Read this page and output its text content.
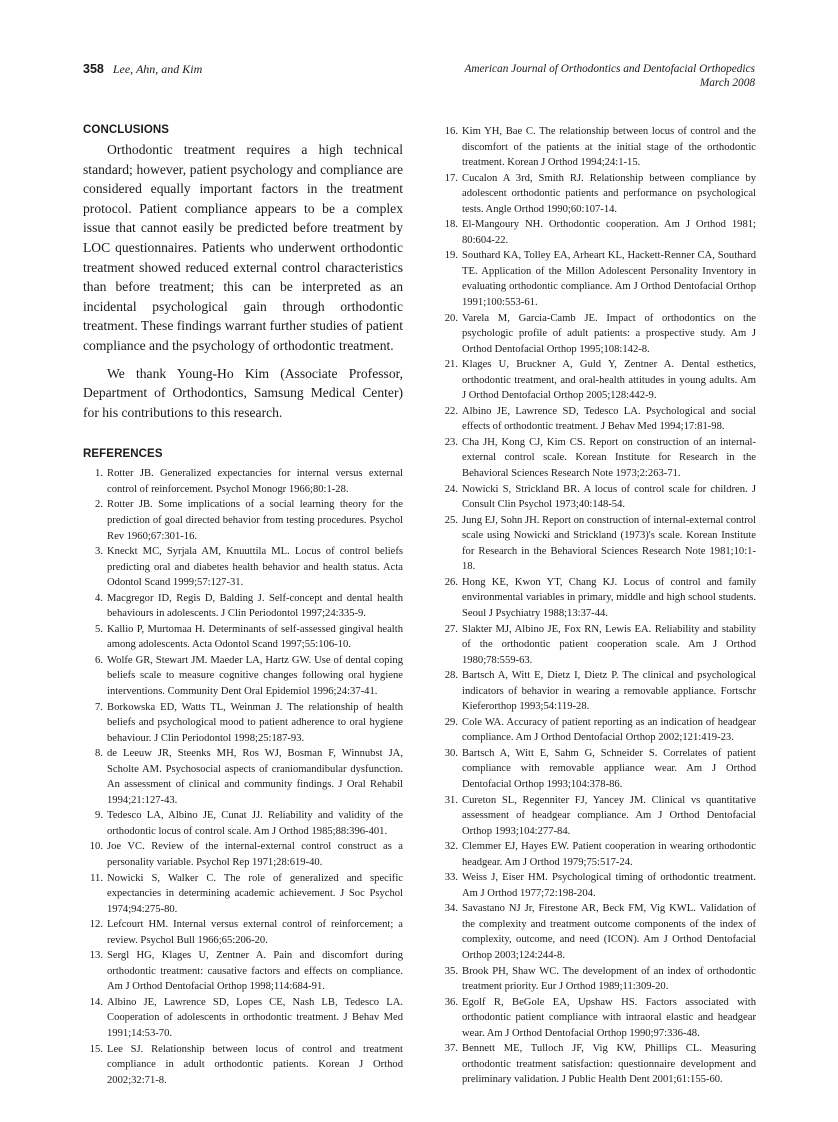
358 Lee, Ahn, and Kim	American Journal of Orthodontics and Dentofacial Orthopedics
March 2008
CONCLUSIONS

Orthodontic treatment requires a high technical standard; however, patient psychology and compliance are considered equally important factors in the treatment protocol. Patient compliance appears to be a complex issue that cannot easily be predicted before treatment by LOC questionnaires. Patients who underwent orthodontic treatment showed reduced external control characteristics than before treatment; this can be interpreted as an incidental psychological gain through orthodontic treatment. These findings warrant further studies of patient compliance and the psychology of orthodontic treatment.

We thank Young-Ho Kim (Associate Professor, Department of Orthodontics, Samsung Medical Center) for his contributions to this research.

REFERENCES
1. Rotter JB. Generalized expectancies for internal versus external control of reinforcement. Psychol Monogr 1966;80:1-28.
2. Rotter JB. Some implications of a social learning theory for the prediction of goal directed behavior from testing procedures. Psychol Rev 1960;67:301-16.
3. Kneckt MC, Syrjala AM, Knuuttila ML. Locus of control beliefs predicting oral and diabetes health behavior and health status. Acta Odontol Scand 1999;57:127-31.
4. Macgregor ID, Regis D, Balding J. Self-concept and dental health behaviours in adolescents. J Clin Periodontol 1997;24:335-9.
5. Kallio P, Murtomaa H. Determinants of self-assessed gingival health among adolescents. Acta Odontol Scand 1997;55:106-10.
6. Wolfe GR, Stewart JM. Maeder LA, Hartz GW. Use of dental coping beliefs scale to measure cognitive changes following oral hygiene interventions. Community Dent Oral Epidemiol 1996;24:37-41.
7. Borkowska ED, Watts TL, Weinman J. The relationship of health beliefs and psychological mood to patient adherence to oral hygiene behaviour. J Clin Periodontol 1998;25:187-93.
8. de Leeuw JR, Steenks MH, Ros WJ, Bosman F, Winnubst JA, Scholte AM. Psychosocial aspects of craniomandibular dysfunction. An assessment of clinical and community findings. J Oral Rehabil 1994;21:127-43.
9. Tedesco LA, Albino JE, Cunat JJ. Reliability and validity of the orthodontic locus of control scale. Am J Orthod 1985;88:396-401.
10. Joe VC. Review of the internal-external control construct as a personality variable. Psychol Rep 1971;28:619-40.
11. Nowicki S, Walker C. The role of generalized and specific expectancies in determining academic achievement. J Soc Psychol 1974;94:275-80.
12. Lefcourt HM. Internal versus external control of reinforcement; a review. Psychol Bull 1966;65:206-20.
13. Sergl HG, Klages U, Zentner A. Pain and discomfort during orthodontic treatment: causative factors and effects on compliance. Am J Orthod Dentofacial Orthop 1998;114:684-91.
14. Albino JE, Lawrence SD, Lopes CE, Nash LB, Tedesco LA. Cooperation of adolescents in orthodontic treatment. J Behav Med 1991;14:53-70.
15. Lee SJ. Relationship between locus of control and treatment compliance in adult orthodontic patients. Korean J Orthod 2002;32:71-8.
16. Kim YH, Bae C. The relationship between locus of control and the discomfort of the patients at the initial stage of the orthodontic treatment. Korean J Orthod 1994;24:1-15.
17. Cucalon A 3rd, Smith RJ. Relationship between compliance by adolescent orthodontic patients and performance on psychological tests. Angle Orthod 1990;60:107-14.
18. El-Mangoury NH. Orthodontic cooperation. Am J Orthod 1981; 80:604-22.
19. Southard KA, Tolley EA, Arheart KL, Hackett-Renner CA, Southard TE. Application of the Millon Adolescent Personality Inventory in evaluating orthodontic compliance. Am J Orthod Dentofacial Orthop 1991;100:553-61.
20. Varela M, Garcia-Camb JE. Impact of orthodontics on the psychologic profile of adult patients: a prospective study. Am J Orthod Dentofacial Orthop 1995;108:142-8.
21. Klages U, Bruckner A, Guld Y, Zentner A. Dental esthetics, orthodontic treatment, and oral-health attitudes in young adults. Am J Orthod Dentofacial Orthop 2005;128:442-9.
22. Albino JE, Lawrence SD, Tedesco LA. Psychological and social effects of orthodontic treatment. J Behav Med 1994;17:81-98.
23. Cha JH, Kong CJ, Kim CS. Report on construction of an internal-external control scale. Korean Institute for Research in the Behavioral Sciences Research Note 1973;2:263-71.
24. Nowicki S, Strickland BR. A locus of control scale for children. J Consult Clin Psychol 1973;40:148-54.
25. Jung EJ, Sohn JH. Report on construction of internal-external control scale using Nowicki and Strickland (1973)'s scale. Korean Institute for Research in the Behavioral Sciences Research Note 1981;10:1-18.
26. Hong KE, Kwon YT, Chang KJ. Locus of control and family environmental variables in primary, middle and high school students. Seoul J Psychiatry 1988;13:37-44.
27. Slakter MJ, Albino JE, Fox RN, Lewis EA. Reliability and stability of the orthodontic patient cooperation scale. Am J Orthod 1980;78:559-63.
28. Bartsch A, Witt E, Dietz I, Dietz P. The clinical and psychological indicators of behavior in wearing a removable appliance. Fortschr Kieferorthop 1993;54:119-28.
29. Cole WA. Accuracy of patient reporting as an indication of headgear compliance. Am J Orthod Dentofacial Orthop 2002;121:419-23.
30. Bartsch A, Witt E, Sahm G, Schneider S. Correlates of patient compliance with removable appliance wear. Am J Orthod Dentofacial Orthop 1993;104:378-86.
31. Cureton SL, Regenniter FJ, Yancey JM. Clinical vs quantitative assessment of headgear compliance. Am J Orthod Dentofacial Orthop 1993;104:277-84.
32. Clemmer EJ, Hayes EW. Patient cooperation in wearing orthodontic headgear. Am J Orthod 1979;75:517-24.
33. Weiss J, Eiser HM. Psychological timing of orthodontic treatment. Am J Orthod 1977;72:198-204.
34. Savastano NJ Jr, Firestone AR, Beck FM, Vig KWL. Validation of the complexity and treatment outcome components of the index of complexity, outcome, and need (ICON). Am J Orthod Dentofacial Orthop 2003;124:244-8.
35. Brook PH, Shaw WC. The development of an index of orthodontic treatment priority. Eur J Orthod 1989;11:309-20.
36. Egolf R, BeGole EA, Upshaw HS. Factors associated with orthodontic patient compliance with intraoral elastic and headgear wear. Am J Orthod Dentofacial Orthop 1990;97:336-48.
37. Bennett ME, Tulloch JF, Vig KW, Phillips CL. Measuring orthodontic treatment satisfaction: questionnaire development and preliminary validation. J Public Health Dent 2001;61:155-60.
